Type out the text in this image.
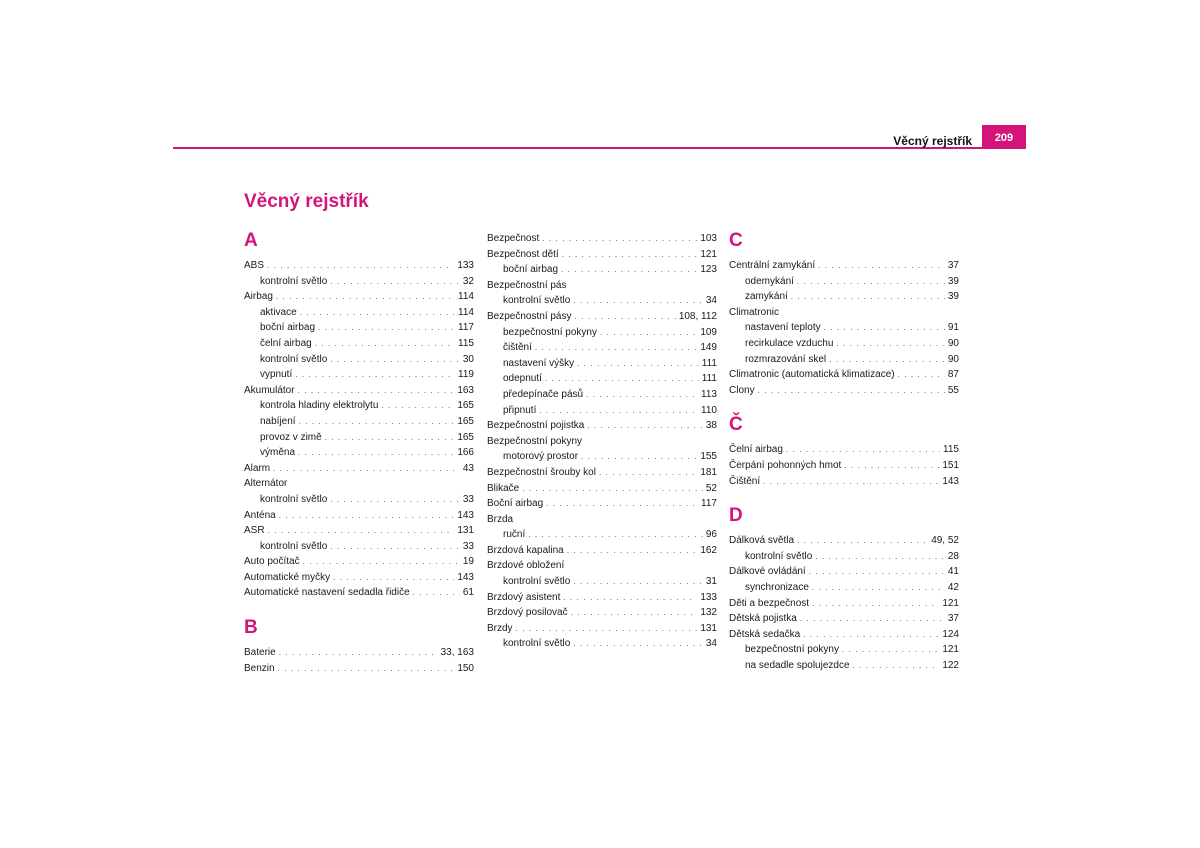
Věcný rejstřík	209
Věcný rejstřík
A
ABS . . .	133
kontrolní světlo . . .	32
Airbag . . .	114
aktivace . . .	114
boční airbag . . .	117
čelní airbag . . .	115
kontrolní světlo . . .	30
vypnutí . . .	119
Akumulátor . . .	163
kontrola hladiny elektrolytu . . .	165
nabíjení . . .	165
provoz v zimě . . .	165
výměna . . .	166
Alarm . . .	43
Alternátor
kontrolní světlo . . .	33
Anténa . . .	143
ASR . . .	131
kontrolní světlo . . .	33
Auto počítač . . .	19
Automatické myčky . . .	143
Automatické nastavení sedadla řidiče . . .	61
B
Baterie . . .	33, 163
Benzin . . .	150
Bezpečnost . . .	103
Bezpečnost dětí . . .	121
boční airbag . . .	123
Bezpečnostní pás
kontrolní světlo . . .	34
Bezpečnostní pásy . . .	108, 112
bezpečnostní pokyny . . .	109
čištění . . .	149
nastavení výšky . . .	111
odepnutí . . .	111
předepínače pásů . . .	113
připnutí . . .	110
Bezpečnostní pojistka . . .	38
Bezpečnostní pokyny
motorový prostor . . .	155
Bezpečnostní šrouby kol . . .	181
Blikače . . .	52
Boční airbag . . .	117
Brzda
ruční . . .	96
Brzdová kapalina . . .	162
Brzdové obložení
kontrolní světlo . . .	31
Brzdový asistent . . .	133
Brzdový posilovač . . .	132
Brzdy . . .	131
kontrolní světlo . . .	34
C
Centrální zamykání . . .	37
odemykání . . .	39
zamykání . . .	39
Climatronic
nastavení teploty . . .	91
recirkulace vzduchu . . .	90
rozmrazování skel . . .	90
Climatronic (automatická klimatizace) . . .	87
Clony . . .	55
Č
Čelní airbag . . .	115
Čerpání pohonných hmot . . .	151
Čištění . . .	143
D
Dálková světla . . .	49, 52
kontrolní světlo . . .	28
Dálkové ovládání . . .	41
synchronizace . . .	42
Děti a bezpečnost . . .	121
Dětská pojistka . . .	37
Dětská sedačka . . .	124
bezpečnostní pokyny . . .	121
na sedadle spolujezdce . . .	122
